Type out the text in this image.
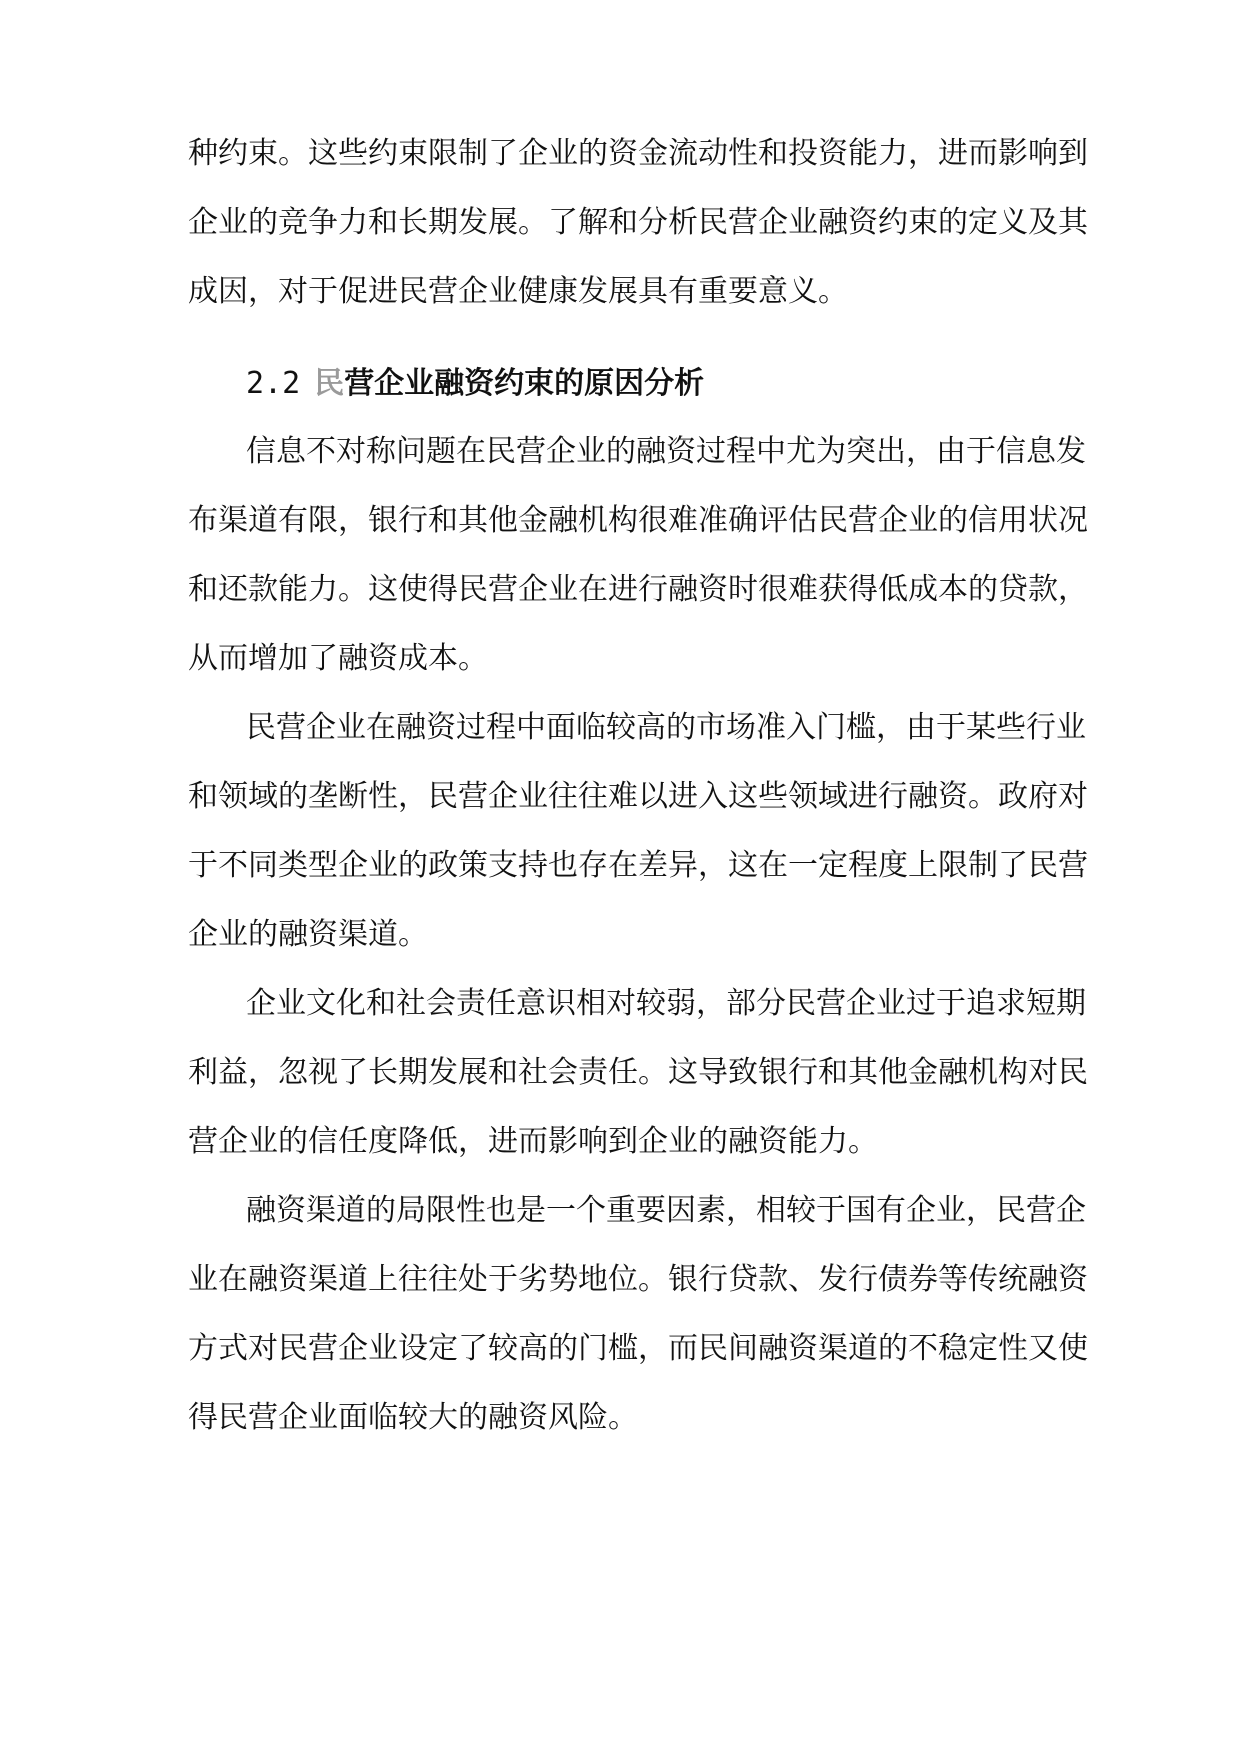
种约束。这些约束限制了企业的资金流动性和投资能力，进而影响到
企业的竞争力和长期发展。了解和分析民营企业融资约束的定义及其
成因，对于促进民营企业健康发展具有重要意义。
2.2 民营企业融资约束的原因分析
信息不对称问题在民营企业的融资过程中尤为突出，由于信息发
布渠道有限，银行和其他金融机构很难准确评估民营企业的信用状况
和还款能力。这使得民营企业在进行融资时很难获得低成本的贷款，
从而增加了融资成本。
民营企业在融资过程中面临较高的市场准入门槛，由于某些行业
和领域的垄断性，民营企业往往难以进入这些领域进行融资。政府对
于不同类型企业的政策支持也存在差异，这在一定程度上限制了民营
企业的融资渠道。
企业文化和社会责任意识相对较弱，部分民营企业过于追求短期
利益，忽视了长期发展和社会责任。这导致银行和其他金融机构对民
营企业的信任度降低，进而影响到企业的融资能力。
融资渠道的局限性也是一个重要因素，相较于国有企业，民营企
业在融资渠道上往往处于劣势地位。银行贷款、发行债券等传统融资
方式对民营企业设定了较高的门槛，而民间融资渠道的不稳定性又使
得民营企业面临较大的融资风险。
